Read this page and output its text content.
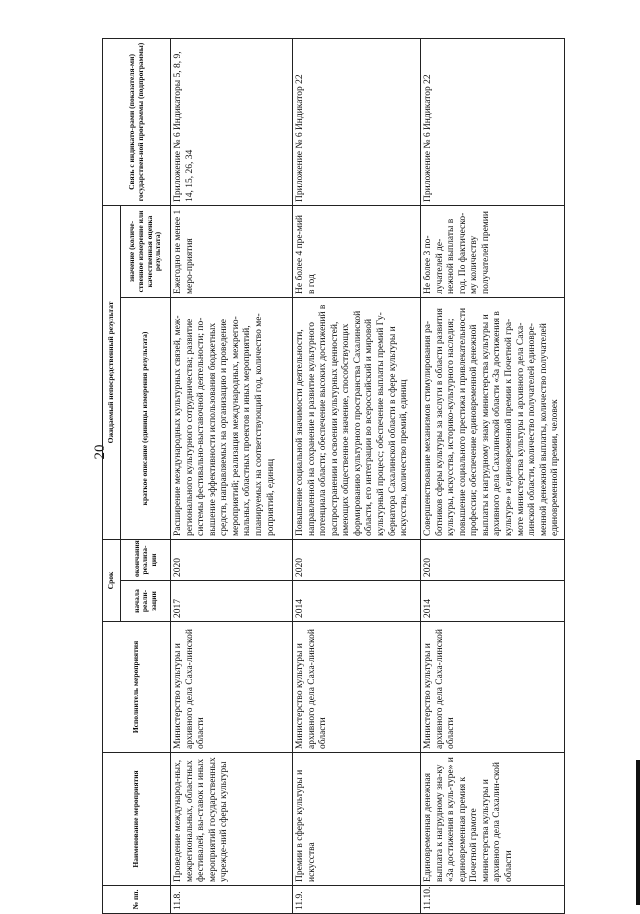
20
№ пп.	Наименование мероприятия	Исполнитель мероприятия	Срок		Ожидаемый непосредственный результат		Связь с индикато-рами (показателя-ми) государствен-ной программы (подпрограммы)
			начала реали-зации	окончания реализа-ции	краткое описание (единицы измерения результата)	значение (количе-ственное измерение или качественная оценка результата)	
11.8.	Проведение международ-ных, межрегиональных, областных фестивалей, вы-ставок и иных мероприятий государственных учрежде-ний сферы культуры	Министерство культуры и архивного дела Саха-линской области	2017	2020	Расширение международных культурных связей, меж-регионального культурного сотрудничества; развитие системы фестивально-выставочной деятельности; по-вышение эффективности использования бюджетных средств, направляемых на организацию и проведение мероприятий; реализация международных, межрегио-нальных, областных проектов и иных мероприятий, планируемых на соответствующий год, количество ме-роприятий, единиц	Ежегодно не менее 1 меро-приятия	Приложение № 6 Индикаторы 5, 8, 9, 14, 15, 26, 34
11.9.	Премии в сфере культуры и искусства	Министерство культуры и архивного дела Саха-линской области	2014	2020	Повышение социальной значимости деятельности, направленной на сохранение и развитие культурного потенциала области; обеспечение высоких достижений в распространении и освоении культурных ценностей, имеющих общественное значение, способствующих формированию культурного пространства Сахалинской области, его интеграции во всероссийский и мировой культурный процесс; обеспечение выплаты премий Гу-бернатора Сахалинской области в сфере культуры и искусства, количество премий, единиц	Не более 4 пре-мий в год	Приложение № 6 Индикатор 22
11.10.	Единовременная денежная выплата к нагрудному зна-ку «За достижения в куль-туре» и единовременная премия к Почетной грамоте министерства культуры и архивного дела Сахалин-ской области	Министерство культуры и архивного дела Саха-линской области	2014	2020	Совершенствование механизмов стимулирования ра-ботников сферы культуры за заслуги в области развития культуры, искусства, историко-культурного наследия; повышение социального престижа и привлекательности профессии; обеспечение единовременной денежной выплаты к нагрудному знаку министерства культуры и архивного дела Сахалинской области «За достижения в культуре» и единовременной премии к Почетной гра-моте министерства культуры и архивного дела Саха-линской области, количество получателей единовре-менной денежной выплаты, количество получателей единовременной премии, человек	Не более 3 по-лучателей де-нежной выплаты в год. По фактическо-му количеству получателей премии	Приложение № 6 Индикатор 22
